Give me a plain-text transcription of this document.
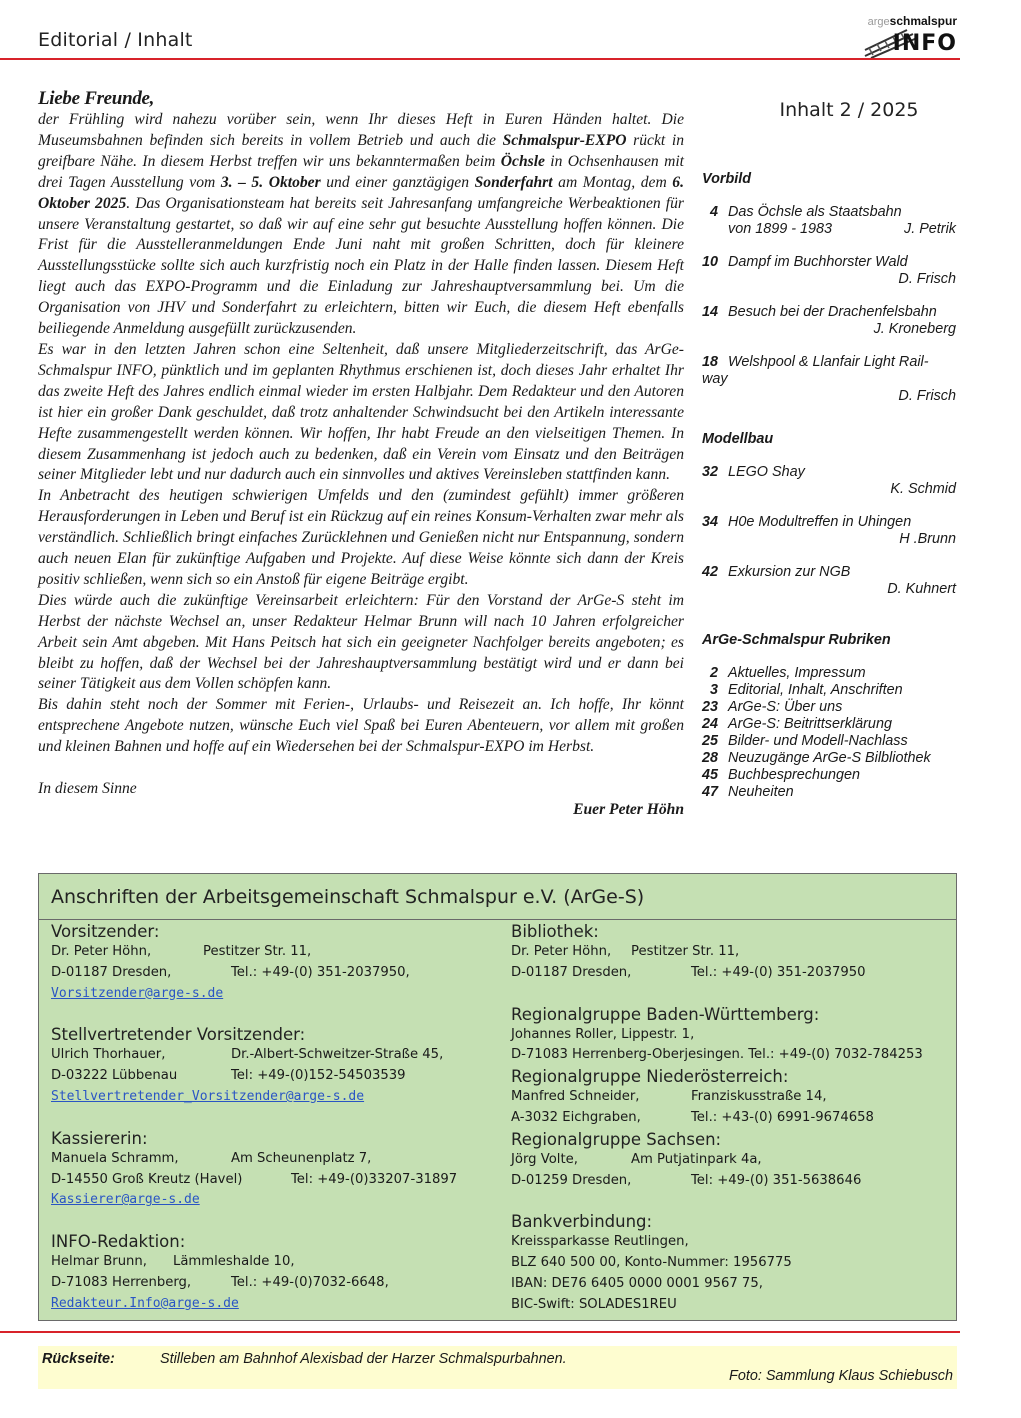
Editorial / Inhalt
argeschmalspur
INFO

Liebe Freunde,

der Frühling wird nahezu vorüber sein, wenn Ihr dieses Heft in Euren Händen haltet. Die Museumsbahnen befinden sich bereits in vollem Betrieb und auch die Schmalspur-EXPO rückt in greifbare Nähe. In diesem Herbst treffen wir uns bekanntermaßen beim Öchsle in Ochsenhausen mit drei Tagen Ausstellung vom 3. – 5. Oktober und einer ganztägigen Sonderfahrt am Montag, dem 6. Oktober 2025. Das Organisationsteam hat bereits seit Jahresanfang umfangreiche Werbeaktionen für unsere Veranstaltung gestartet, so daß wir auf eine sehr gut besuchte Ausstellung hoffen können. Die Frist für die Ausstelleranmeldungen Ende Juni naht mit großen Schritten, doch für kleinere Ausstellungsstücke sollte sich auch kurzfristig noch ein Platz in der Halle finden lassen. Diesem Heft liegt auch das EXPO-Programm und die Einladung zur Jahreshauptversammlung bei. Um die Organisation von JHV und Sonderfahrt zu erleichtern, bitten wir Euch, die diesem Heft ebenfalls beiliegende Anmeldung ausgefüllt zurückzusenden.

Es war in den letzten Jahren schon eine Seltenheit, daß unsere Mitgliederzeitschrift, das ArGe-Schmalspur INFO, pünktlich und im geplanten Rhythmus erschienen ist, doch dieses Jahr erhaltet Ihr das zweite Heft des Jahres endlich einmal wieder im ersten Halbjahr. Dem Redakteur und den Autoren ist hier ein großer Dank geschuldet, daß trotz anhaltender Schwindsucht bei den Artikeln interessante Hefte zusammengestellt werden können. Wir hoffen, Ihr habt Freude an den vielseitigen Themen. In diesem Zusammenhang ist jedoch auch zu bedenken, daß ein Verein vom Einsatz und den Beiträgen seiner Mitglieder lebt und nur dadurch auch ein sinnvolles und aktives Vereinsleben stattfinden kann.

In Anbetracht des heutigen schwierigen Umfelds und den (zumindest gefühlt) immer größeren Herausforderungen in Leben und Beruf ist ein Rückzug auf ein reines Konsum-Verhalten zwar mehr als verständlich. Schließlich bringt einfaches Zurücklehnen und Genießen nicht nur Entspannung, sondern auch neuen Elan für zukünftige Aufgaben und Projekte. Auf diese Weise könnte sich dann der Kreis positiv schließen, wenn sich so ein Anstoß für eigene Beiträge ergibt.

Dies würde auch die zukünftige Vereinsarbeit erleichtern: Für den Vorstand der ArGe-S steht im Herbst der nächste Wechsel an, unser Redakteur Helmar Brunn will nach 10 Jahren erfolgreicher Arbeit sein Amt abgeben. Mit Hans Peitsch hat sich ein geeigneter Nachfolger bereits angeboten; es bleibt zu hoffen, daß der Wechsel bei der Jahreshauptversammlung bestätigt wird und er dann bei seiner Tätigkeit aus dem Vollen schöpfen kann.

Bis dahin steht noch der Sommer mit Ferien-, Urlaubs- und Reisezeit an. Ich hoffe, Ihr könnt entsprechene Angebote nutzen, wünsche Euch viel Spaß bei Euren Abenteuern, vor allem mit großen und kleinen Bahnen und hoffe auf ein Wiedersehen bei der Schmalspur-EXPO im Herbst.

In diesem Sinne

Euer Peter Höhn

Inhalt 2 / 2025
Vorbild
4 Das Öchsle als Staatsbahn
von 1899 - 1983	J. Petrik
10 Dampf im Buchhorster Wald
D. Frisch
14 Besuch bei der Drachenfelsbahn
J. Kroneberg
18 Welshpool & Llanfair Light Rail-
way
D. Frisch
Modellbau
32 LEGO Shay
K. Schmid
34 H0e Modultreffen in Uhingen
H .Brunn
42 Exkursion zur NGB
D. Kuhnert
ArGe-Schmalspur Rubriken
2 Aktuelles, Impressum
3 Editorial, Inhalt, Anschriften
23 ArGe-S: Über uns
24 ArGe-S: Beitrittserklärung
25 Bilder- und Modell-Nachlass
28 Neuzugänge ArGe-S Bilbliothek
45 Buchbesprechungen
47 Neuheiten
Anschriften der Arbeitsgemeinschaft Schmalspur e.V. (ArGe-S)
Vorsitzender:
Dr. Peter Höhn,	Pestitzer Str. 11,
D-01187 Dresden,	Tel.: +49-(0) 351-2037950,
Vorsitzender@arge-s.de
Stellvertretender Vorsitzender:
Ulrich Thorhauer,	Dr.-Albert-Schweitzer-Straße 45,
D-03222 Lübbenau	Tel: +49-(0)152-54503539
Stellvertretender_Vorsitzender@arge-s.de
Kassiererin:
Manuela Schramm,	Am Scheunenplatz 7,
D-14550 Groß Kreutz (Havel)	Tel: +49-(0)33207-31897
Kassierer@arge-s.de
INFO-Redaktion:
Helmar Brunn, Lämmleshalde 10,
D-71083 Herrenberg,	Tel.: +49-(0)7032-6648,
Redakteur.Info@arge-s.de
Bibliothek:
Dr. Peter Höhn, Pestitzer Str. 11,
D-01187 Dresden,	Tel.: +49-(0) 351-2037950
Regionalgruppe Baden-Württemberg:
Johannes Roller, Lippestr. 1,
D-71083 Herrenberg-Oberjesingen. Tel.: +49-(0) 7032-784253
Regionalgruppe Niederösterreich:
Manfred Schneider,	Franziskusstraße 14,
A-3032 Eichgraben,	Tel.: +43-(0) 6991-9674658
Regionalgruppe Sachsen:
Jörg Volte,	Am Putjatinpark 4a,
D-01259 Dresden,	Tel: +49-(0) 351-5638646
Bankverbindung:
Kreissparkasse Reutlingen,
BLZ 640 500 00, Konto-Nummer: 1956775
IBAN: DE76 6405 0000 0001 9567 75,
BIC-Swift: SOLADES1REU
Rückseite:	Stilleben am Bahnhof Alexisbad der Harzer Schmalspurbahnen.
Foto: Sammlung Klaus Schiebusch
